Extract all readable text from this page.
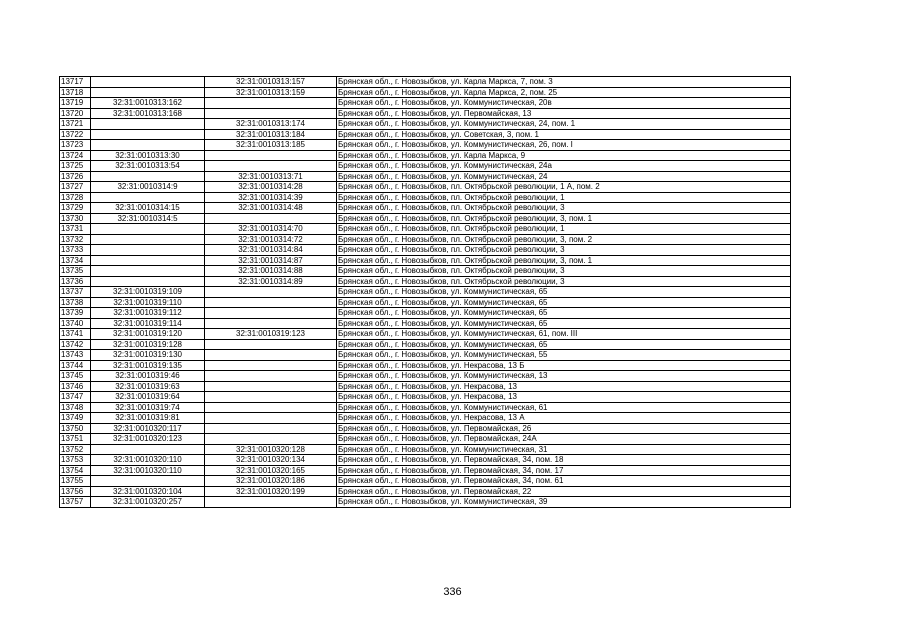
13717		32:31:0010313:157	Брянская обл., г. Новозыбков, ул. Карла Маркса, 7, пом. 3
13718		32:31:0010313:159	Брянская обл., г. Новозыбков, ул. Карла Маркса, 2, пом. 25
13719	32:31:0010313:162		Брянская обл., г. Новозыбков, ул. Коммунистическая, 20в
13720	32:31:0010313:168		Брянская обл., г. Новозыбков, ул. Первомайская, 13
13721		32:31:0010313:174	Брянская обл., г. Новозыбков, ул. Коммунистическая, 24, пом. 1
13722		32:31:0010313:184	Брянская обл., г. Новозыбков, ул. Советская, 3, пом. 1
13723		32:31:0010313:185	Брянская обл., г. Новозыбков, ул. Коммунистическая, 26, пом. I
13724	32:31:0010313:30		Брянская обл., г. Новозыбков, ул. Карла Маркса, 9
13725	32:31:0010313:54		Брянская обл., г. Новозыбков, ул. Коммунистическая, 24а
13726		32:31:0010313:71	Брянская обл., г. Новозыбков, ул. Коммунистическая, 24
13727	32:31:0010314:9	32:31:0010314:28	Брянская обл., г. Новозыбков, пл. Октябрьской революции, 1 А, пом. 2
13728		32:31:0010314:39	Брянская обл., г. Новозыбков, пл. Октябрьской революции, 1
13729	32:31:0010314:15	32:31:0010314:48	Брянская обл., г. Новозыбков, пл. Октябрьской революции, 3
13730	32:31:0010314:5		Брянская обл., г. Новозыбков, пл. Октябрьской революции, 3, пом. 1
13731		32:31:0010314:70	Брянская обл., г. Новозыбков, пл. Октябрьской революции, 1
13732		32:31:0010314:72	Брянская обл., г. Новозыбков, пл. Октябрьской революции, 3, пом. 2
13733		32:31:0010314:84	Брянская обл., г. Новозыбков, пл. Октябрьской революции, 3
13734		32:31:0010314:87	Брянская обл., г. Новозыбков, пл. Октябрьской революции, 3, пом. 1
13735		32:31:0010314:88	Брянская обл., г. Новозыбков, пл. Октябрьской революции, 3
13736		32:31:0010314:89	Брянская обл., г. Новозыбков, пл. Октябрьской революции, 3
13737	32:31:0010319:109		Брянская обл., г. Новозыбков, ул. Коммунистическая, 65
13738	32:31:0010319:110		Брянская обл., г. Новозыбков, ул. Коммунистическая, 65
13739	32:31:0010319:112		Брянская обл., г. Новозыбков, ул. Коммунистическая, 65
13740	32:31:0010319:114		Брянская обл., г. Новозыбков, ул. Коммунистическая, 65
13741	32:31:0010319:120	32:31:0010319:123	Брянская обл., г. Новозыбков, ул. Коммунистическая, 61, пом. III
13742	32:31:0010319:128		Брянская обл., г. Новозыбков, ул. Коммунистическая, 65
13743	32:31:0010319:130		Брянская обл., г. Новозыбков, ул. Коммунистическая, 55
13744	32:31:0010319:135		Брянская обл., г. Новозыбков, ул. Некрасова, 13 Б
13745	32:31:0010319:46		Брянская обл., г. Новозыбков, ул. Коммунистическая, 13
13746	32:31:0010319:63		Брянская обл., г. Новозыбков, ул. Некрасова, 13
13747	32:31:0010319:64		Брянская обл., г. Новозыбков, ул. Некрасова, 13
13748	32:31:0010319:74		Брянская обл., г. Новозыбков, ул. Коммунистическая, 61
13749	32:31:0010319:81		Брянская обл., г. Новозыбков, ул. Некрасова, 13 А
13750	32:31:0010320:117		Брянская обл., г. Новозыбков, ул. Первомайская, 26
13751	32:31:0010320:123		Брянская обл., г. Новозыбков, ул. Первомайская, 24А
13752		32:31:0010320:128	Брянская обл., г. Новозыбков, ул. Коммунистическая, 31
13753	32:31:0010320:110	32:31:0010320:134	Брянская обл., г. Новозыбков, ул. Первомайская, 34, пом. 18
13754	32:31:0010320:110	32:31:0010320:165	Брянская обл., г. Новозыбков, ул. Первомайская, 34, пом. 17
13755		32:31:0010320:186	Брянская обл., г. Новозыбков, ул. Первомайская, 34, пом. 61
13756	32:31:0010320:104	32:31:0010320:199	Брянская обл., г. Новозыбков, ул. Первомайская, 22
13757	32:31:0010320:257		Брянская обл., г. Новозыбков, ул. Коммунистическая, 39
336
